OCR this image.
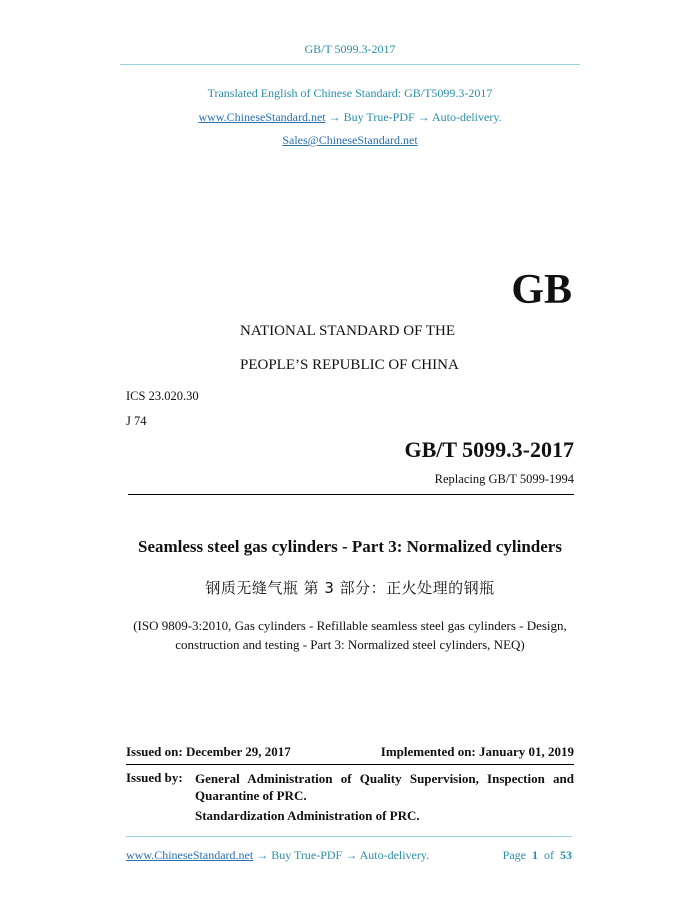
GB/T 5099.3-2017
Translated English of Chinese Standard: GB/T5099.3-2017
www.ChineseStandard.net → Buy True-PDF → Auto-delivery.
Sales@ChineseStandard.net
GB
NATIONAL STANDARD OF THE
PEOPLE’S REPUBLIC OF CHINA
ICS 23.020.30
J 74
GB/T 5099.3-2017
Replacing GB/T 5099-1994
Seamless steel gas cylinders - Part 3: Normalized cylinders
钢质无缝气瓶 第 3 部分：正火处理的钢瓶
(ISO 9809-3:2010, Gas cylinders - Refillable seamless steel gas cylinders - Design, construction and testing - Part 3: Normalized steel cylinders, NEQ)
Issued on: December 29, 2017	Implemented on: January 01, 2019
Issued by: General Administration of Quality Supervision, Inspection and Quarantine of PRC.
Standardization Administration of PRC.
www.ChineseStandard.net → Buy True-PDF → Auto-delivery.	Page 1 of 53
